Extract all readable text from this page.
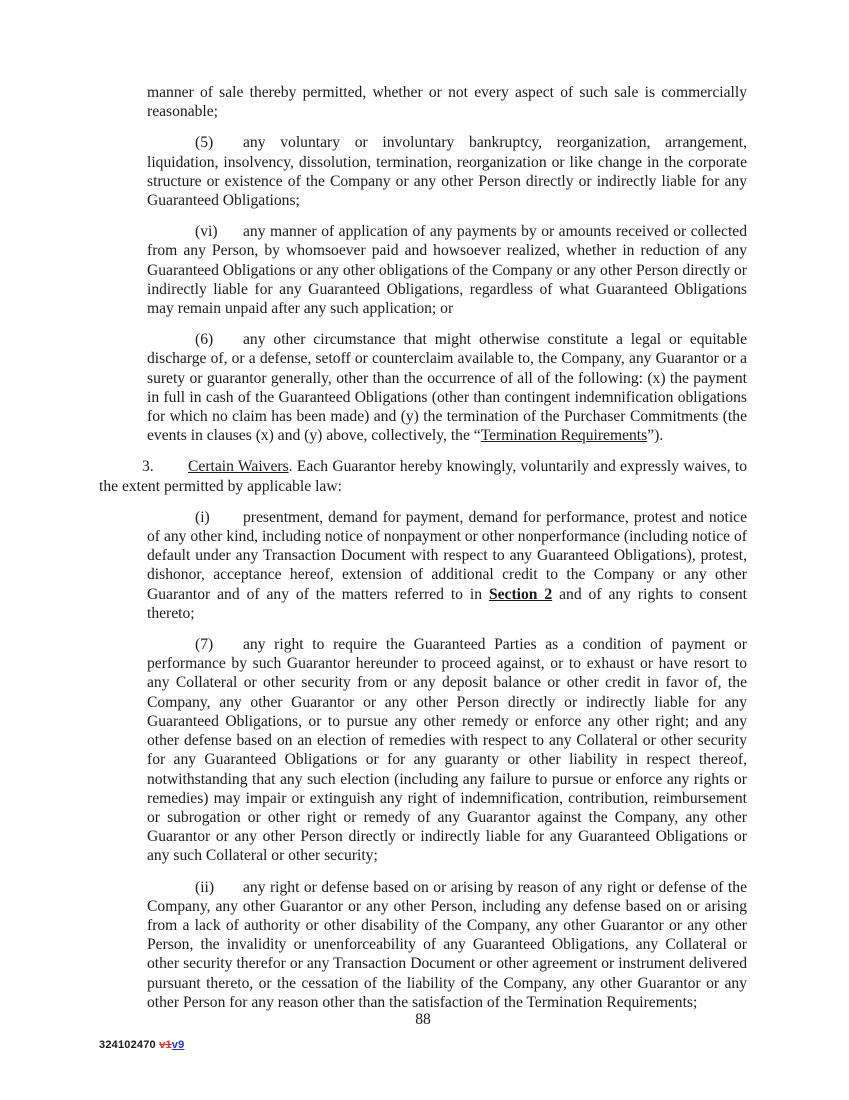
manner of sale thereby permitted, whether or not every aspect of such sale is commercially reasonable;

(5) any voluntary or involuntary bankruptcy, reorganization, arrangement, liquidation, insolvency, dissolution, termination, reorganization or like change in the corporate structure or existence of the Company or any other Person directly or indirectly liable for any Guaranteed Obligations;

(vi) any manner of application of any payments by or amounts received or collected from any Person, by whomsoever paid and howsoever realized, whether in reduction of any Guaranteed Obligations or any other obligations of the Company or any other Person directly or indirectly liable for any Guaranteed Obligations, regardless of what Guaranteed Obligations may remain unpaid after any such application; or

(6) any other circumstance that might otherwise constitute a legal or equitable discharge of, or a defense, setoff or counterclaim available to, the Company, any Guarantor or a surety or guarantor generally, other than the occurrence of all of the following: (x) the payment in full in cash of the Guaranteed Obligations (other than contingent indemnification obligations for which no claim has been made) and (y) the termination of the Purchaser Commitments (the events in clauses (x) and (y) above, collectively, the “Termination Requirements”).

3. Certain Waivers. Each Guarantor hereby knowingly, voluntarily and expressly waives, to the extent permitted by applicable law:

(i) presentment, demand for payment, demand for performance, protest and notice of any other kind, including notice of nonpayment or other nonperformance (including notice of default under any Transaction Document with respect to any Guaranteed Obligations), protest, dishonor, acceptance hereof, extension of additional credit to the Company or any other Guarantor and of any of the matters referred to in Section 2 and of any rights to consent thereto;

(7) any right to require the Guaranteed Parties as a condition of payment or performance by such Guarantor hereunder to proceed against, or to exhaust or have resort to any Collateral or other security from or any deposit balance or other credit in favor of, the Company, any other Guarantor or any other Person directly or indirectly liable for any Guaranteed Obligations, or to pursue any other remedy or enforce any other right; and any other defense based on an election of remedies with respect to any Collateral or other security for any Guaranteed Obligations or for any guaranty or other liability in respect thereof, notwithstanding that any such election (including any failure to pursue or enforce any rights or remedies) may impair or extinguish any right of indemnification, contribution, reimbursement or subrogation or other right or remedy of any Guarantor against the Company, any other Guarantor or any other Person directly or indirectly liable for any Guaranteed Obligations or any such Collateral or other security;

(ii) any right or defense based on or arising by reason of any right or defense of the Company, any other Guarantor or any other Person, including any defense based on or arising from a lack of authority or other disability of the Company, any other Guarantor or any other Person, the invalidity or unenforceability of any Guaranteed Obligations, any Collateral or other security therefor or any Transaction Document or other agreement or instrument delivered pursuant thereto, or the cessation of the liability of the Company, any other Guarantor or any other Person for any reason other than the satisfaction of the Termination Requirements;

88
324102470 v1v9
